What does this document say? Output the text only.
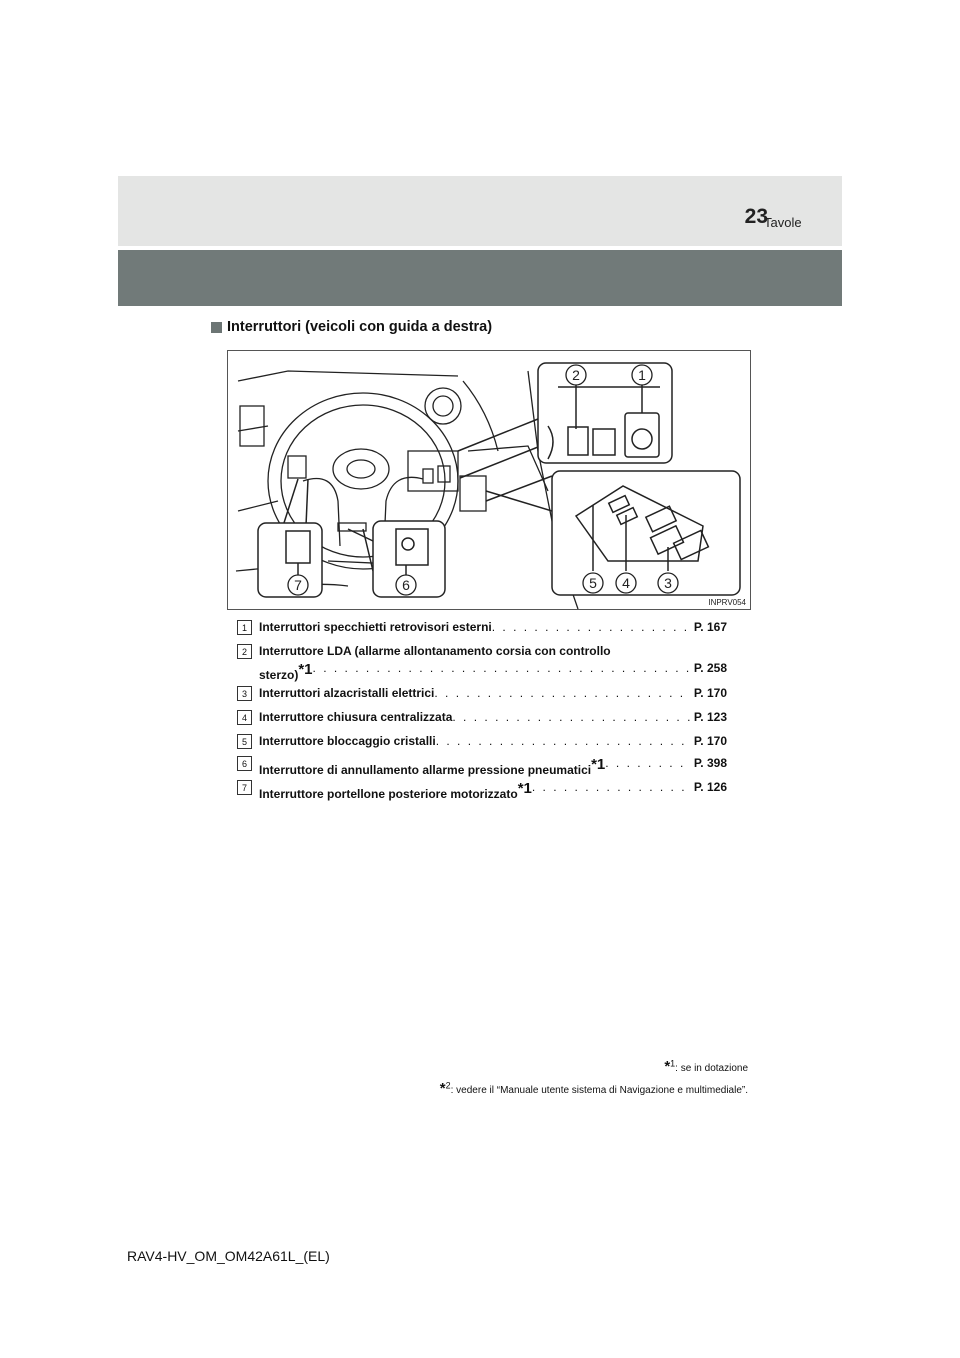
23
Tavole
Interruttori (veicoli con guida a destra)
2	1
5 4 3
6
7
INPRV054
1	Interruttori specchietti retrovisori esterni . . .	P. 167
2	Interruttore LDA (allarme allontanamento corsia con controllo
sterzo)$^{*1}$ . . .	P. 258
3	Interruttori alzacristalli elettrici . . .	P. 170
4	Interruttore chiusura centralizzata . . .	P. 123
5	Interruttore bloccaggio cristalli . . .	P. 170
6	Interruttore di annullamento allarme pressione pneumatici$^{*1}$ . . .	P. 398
7	Interruttore portellone posteriore motorizzato$^{*1}$ . . .	P. 126
*$^1$: se in dotazione
*$^2$: vedere il “Manuale utente sistema di Navigazione e multimediale”.
RAV4-HV_OM_OM42A61L_(EL)
